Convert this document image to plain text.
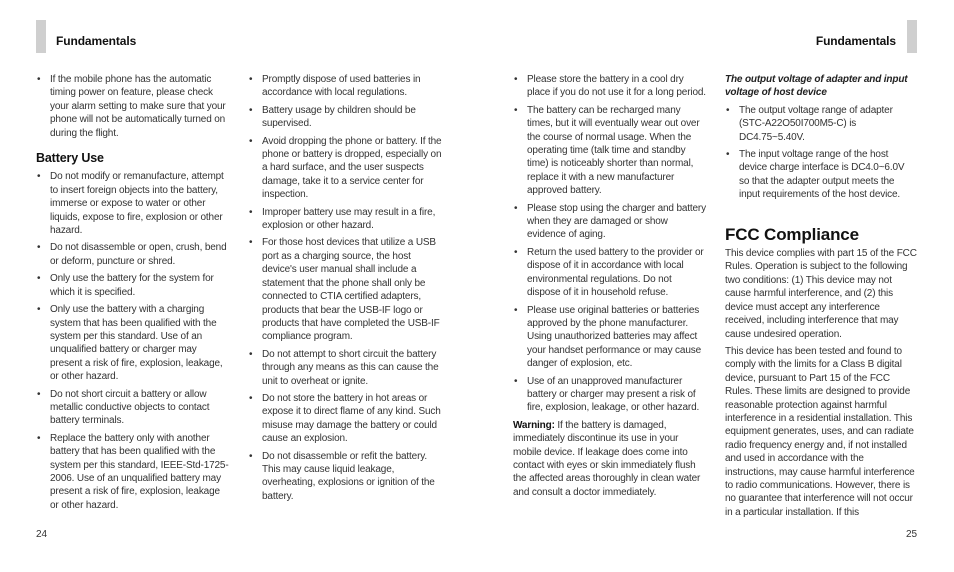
Fundamentals	Fundamentals
• If the mobile phone has the automatic timing power on feature, please check your alarm setting to make sure that your phone will not be automatically turned on during the flight.
Battery Use
• Do not modify or remanufacture, attempt to insert foreign objects into the battery, immerse or expose to water or other liquids, expose to fire, explosion or other hazard.
• Do not disassemble or open, crush, bend or deform, puncture or shred.
• Only use the battery for the system for which it is specified.
• Only use the battery with a charging system that has been qualified with the system per this standard. Use of an unqualified battery or charger may present a risk of fire, explosion, leakage, or other hazard.
• Do not short circuit a battery or allow metallic conductive objects to contact battery terminals.
• Replace the battery only with another battery that has been qualified with the system per this standard, IEEE-Std-1725-2006. Use of an unqualified battery may present a risk of fire, explosion, leakage or other hazard.
• Promptly dispose of used batteries in accordance with local regulations.
• Battery usage by children should be supervised.
• Avoid dropping the phone or battery. If the phone or battery is dropped, especially on a hard surface, and the user suspects damage, take it to a service center for inspection.
• Improper battery use may result in a fire, explosion or other hazard.
• For those host devices that utilize a USB port as a charging source, the host device's user manual shall include a statement that the phone shall only be connected to CTIA certified adapters, products that bear the USB-IF logo or products that have completed the USB-IF compliance program.
• Do not attempt to short circuit the battery through any means as this can cause the unit to overheat or ignite.
• Do not store the battery in hot areas or expose it to direct flame of any kind. Such misuse may damage the battery or could cause an explosion.
• Do not disassemble or refit the battery. This may cause liquid leakage, overheating, explosions or ignition of the battery.
• Please store the battery in a cool dry place if you do not use it for a long period.
• The battery can be recharged many times, but it will eventually wear out over the course of normal usage. When the operating time (talk time and standby time) is noticeably shorter than normal, replace it with a new manufacturer approved battery.
• Please stop using the charger and battery when they are damaged or show evidence of aging.
• Return the used battery to the provider or dispose of it in accordance with local environmental regulations. Do not dispose of it in household refuse.
• Please use original batteries or batteries approved by the phone manufacturer. Using unauthorized batteries may affect your handset performance or may cause danger of explosion, etc.
• Use of an unapproved manufacturer battery or charger may present a risk of fire, explosion, leakage, or other hazard.

Warning: If the battery is damaged, immediately discontinue its use in your mobile device. If leakage does come into contact with eyes or skin immediately flush the affected areas thoroughly in clean water and consult a doctor immediately.

The output voltage of adapter and input voltage of host device
• The output voltage range of adapter (STC-A22O50I700M5-C) is DC4.75~5.40V.
• The input voltage range of the host device charge interface is DC4.0~6.0V so that the adapter output meets the input requirements of the host device.
FCC Compliance

This device complies with part 15 of the FCC Rules. Operation is subject to the following two conditions: (1) This device may not cause harmful interference, and (2) this device must accept any interference received, including interference that may cause undesired operation.

This device has been tested and found to comply with the limits for a Class B digital device, pursuant to Part 15 of the FCC Rules. These limits are designed to provide reasonable protection against harmful interference in a residential installation. This equipment generates, uses, and can radiate radio frequency energy and, if not installed and used in accordance with the instructions, may cause harmful interference to radio communications. However, there is no guarantee that interference will not occur in a particular installation. If this

24	25
